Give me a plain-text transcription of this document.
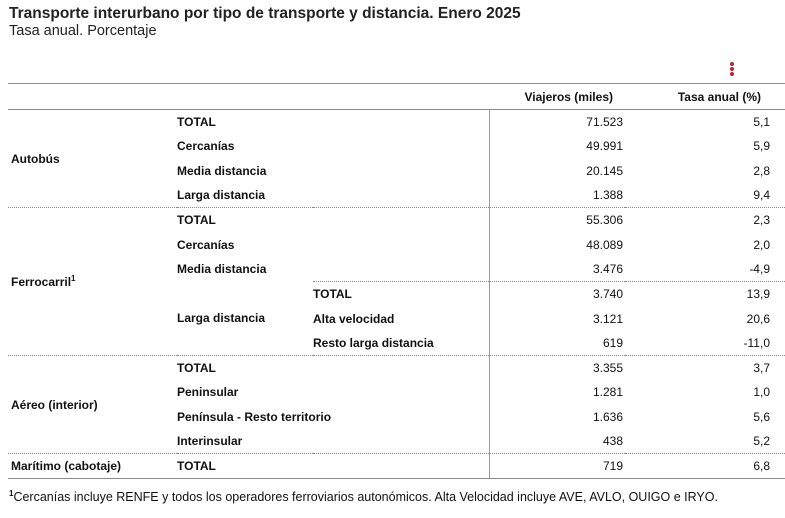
Transporte interurbano por tipo de transporte y distancia. Enero 2025
Tasa anual. Porcentaje
			Viajeros (miles)	Tasa anual (%)
Autobús	TOTAL		71.523	5,1
	Cercanías		49.991	5,9
	Media distancia		20.145	2,8
	Larga distancia		1.388	9,4
Ferrocarril$^1$	TOTAL		55.306	2,3
	Cercanías		48.089	2,0
	Media distancia		3.476	-4,9
	Larga distancia	TOTAL	3.740	13,9
		Alta velocidad	3.121	20,6
		Resto larga distancia	619	-11,0
Aéreo (interior)	TOTAL		3.355	3,7
	Peninsular		1.281	1,0
	Península - Resto territorio		1.636	5,6
	Interinsular		438	5,2
Marítimo (cabotaje)	TOTAL		719	6,8
$^1$Cercanías incluye RENFE y todos los operadores ferroviarios autonómicos. Alta Velocidad incluye AVE, AVLO, OUIGO e IRYO.
